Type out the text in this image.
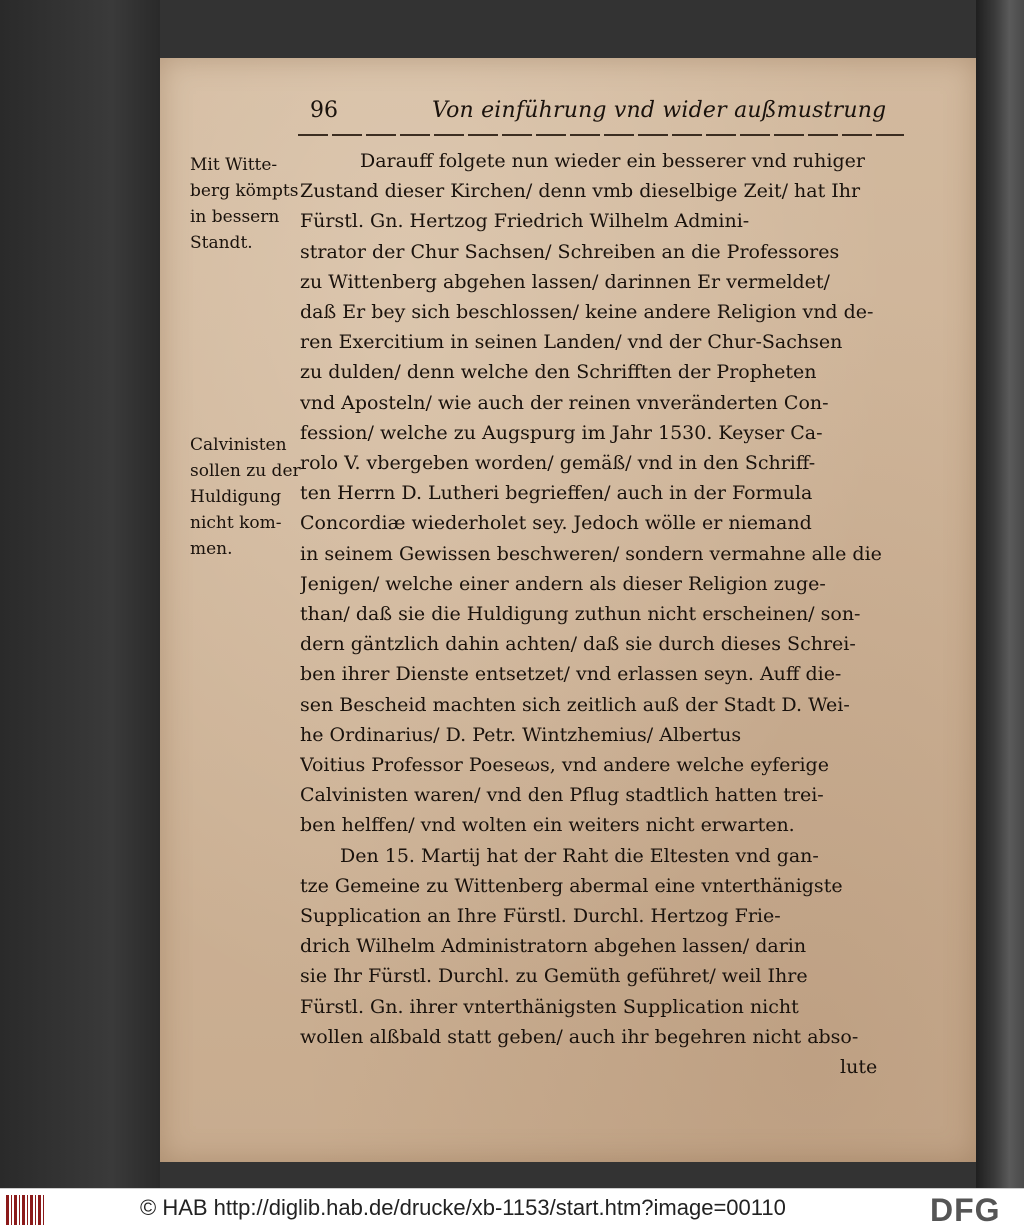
96	Von einführung vnd wider außmustrung
Mit Witte-
berg kömpts
in bessern
Standt.
Calvinisten
sollen zu der
Huldigung
nicht kom-
men.
Darauff folgete nun wieder ein besserer vnd ruhiger
Zustand dieser Kirchen/ denn vmb dieselbige Zeit/ hat Ihr
Fürstl. Gn. Hertzog Friedrich Wilhelm Admini-
strator der Chur Sachsen/ Schreiben an die Professores
zu Wittenberg abgehen lassen/ darinnen Er vermeldet/
daß Er bey sich beschlossen/ keine andere Religion vnd de-
ren Exercitium in seinen Landen/ vnd der Chur-Sachsen
zu dulden/ denn welche den Schrifften der Propheten
vnd Aposteln/ wie auch der reinen vnveränderten Con-
fession/ welche zu Augspurg im Jahr 1530. Keyser Ca-
rolo V. vbergeben worden/ gemäß/ vnd in den Schriff-
ten Herrn D. Lutheri begrieffen/ auch in der Formula
Concordiæ wiederholet sey. Jedoch wölle er niemand
in seinem Gewissen beschweren/ sondern vermahne alle die
Jenigen/ welche einer andern als dieser Religion zuge-
than/ daß sie die Huldigung zuthun nicht erscheinen/ son-
dern gäntzlich dahin achten/ daß sie durch dieses Schrei-
ben ihrer Dienste entsetzet/ vnd erlassen seyn. Auff die-
sen Bescheid machten sich zeitlich auß der Stadt D. Wei-
he Ordinarius/ D. Petr. Wintzhemius/ Albertus
Voitius Professor Poeseωs, vnd andere welche eyferige
Calvinisten waren/ vnd den Pflug stadtlich hatten trei-
ben helffen/ vnd wolten ein weiters nicht erwarten.
Den 15. Martij hat der Raht die Eltesten vnd gan-
tze Gemeine zu Wittenberg abermal eine vnterthänigste
Supplication an Ihre Fürstl. Durchl. Hertzog Frie-
drich Wilhelm Administratorn abgehen lassen/ darin
sie Ihr Fürstl. Durchl. zu Gemüth geführet/ weil Ihre
Fürstl. Gn. ihrer vnterthänigsten Supplication nicht
wollen alßbald statt geben/ auch ihr begehren nicht abso-
lute
© HAB http://diglib.hab.de/drucke/xb-1153/start.htm?image=00110	DFG
